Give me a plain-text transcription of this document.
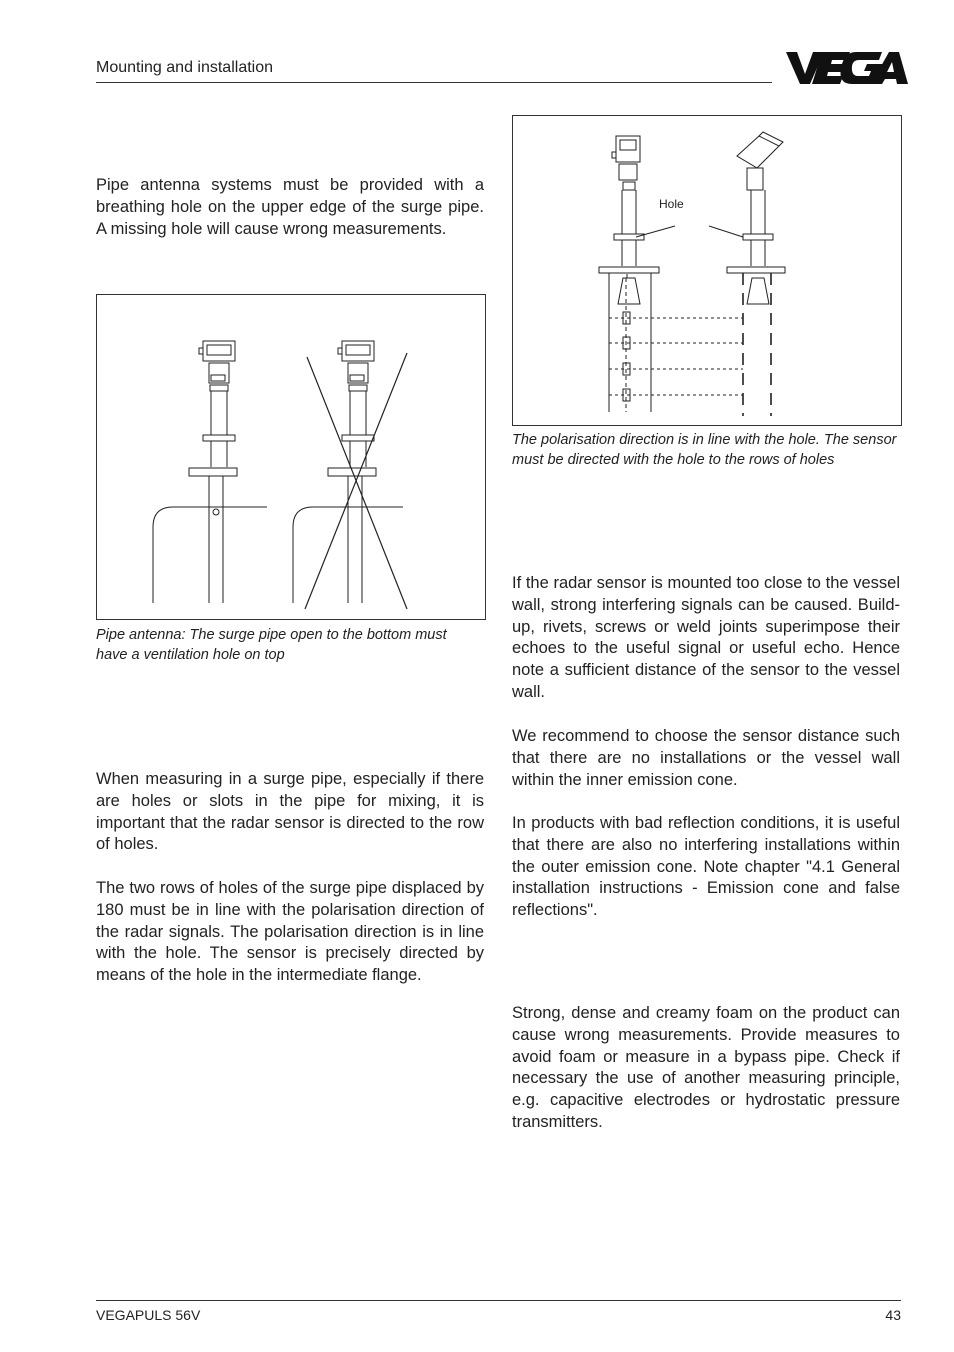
Mounting and installation

Pipe antenna systems must be provided with a breathing hole on the upper edge of the surge pipe. A missing hole will cause wrong measurements.

Pipe antenna: The surge pipe open to the bottom must have a ventilation hole on top

When measuring in a surge pipe, especially if there are holes or slots in the pipe for mixing, it is important that the radar sensor is directed to the row of holes.

The two rows of holes of the surge pipe displaced by 180 must be in line with the polarisation direction of the radar signals. The polarisation direction is in line with the hole. The sensor is precisely directed by means of the hole in the intermediate flange.

Hole

The polarisation direction is in line with the hole. The sensor must be directed with the hole to the rows of holes

If the radar sensor is mounted too close to the vessel wall, strong interfering signals can be caused. Build-up, rivets, screws or weld joints superimpose their echoes to the useful signal or useful echo. Hence note a sufficient distance of the sensor to the vessel wall.

We recommend to choose the sensor distance such that there are no installations or the vessel wall within the inner emission cone.

In products with bad reflection conditions, it is useful that there are also no interfering installations within the outer emission cone. Note chapter "4.1 General installation instructions - Emission cone and false reflections".

Strong, dense and creamy foam on the product can cause wrong measurements. Provide measures to avoid foam or measure in a bypass pipe. Check if necessary the use of another measuring principle, e.g. capacitive electrodes or hydrostatic pressure transmitters.

VEGAPULS 56V	43
